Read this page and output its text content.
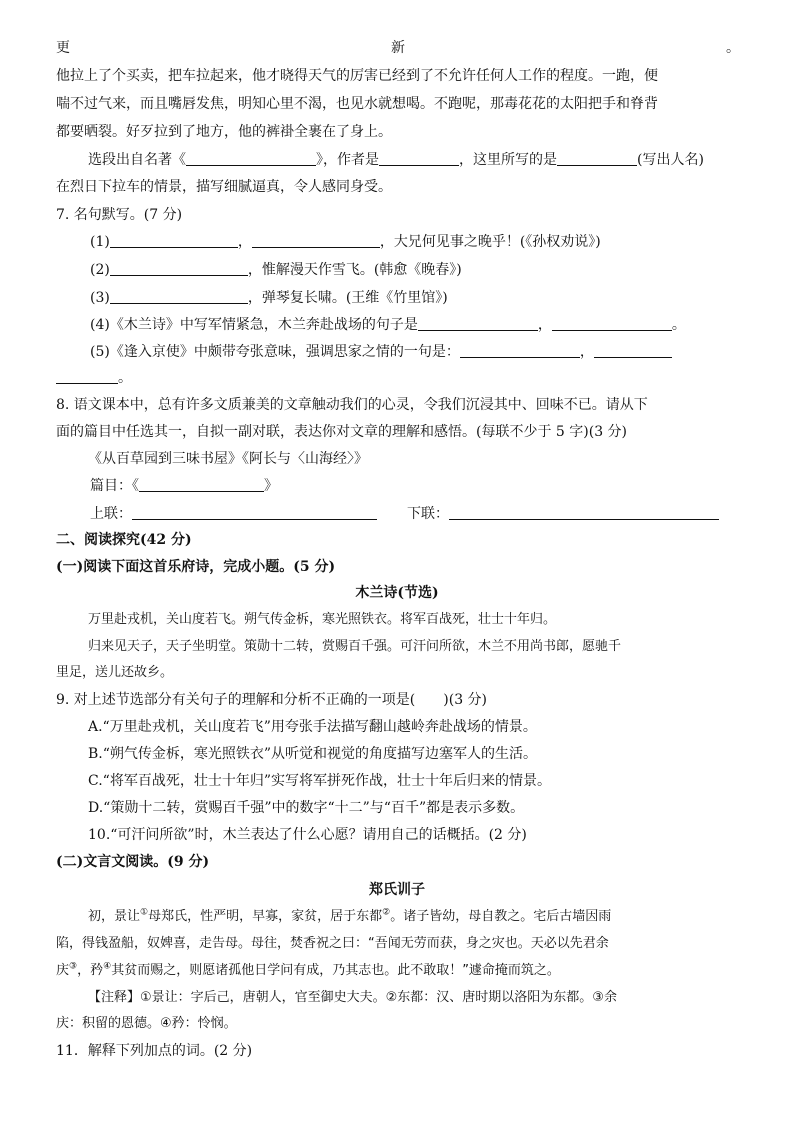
更	新	。
他拉上了个买卖，把车拉起来，他才晓得天气的厉害已经到了不允许任何人工作的程度。一跑，便
喘不过气来，而且嘴唇发焦，明知心里不渴，也见水就想喝。不跑呢，那毒花花的太阳把手和脊背
都要晒裂。好歹拉到了地方，他的裤褂全裹在了身上。
选段出自名著《	》，作者是	，这里所写的是	(写出人名)
在烈日下拉车的情景，描写细腻逼真，令人感同身受。
7. 名句默写。(7 分)
(1)	，	，大兄何见事之晚乎！(《孙权劝说》)
(2)	，惟解漫天作雪飞。(韩愈《晚春》)
(3)	，弹琴复长啸。(王维《竹里馆》)
(4)《木兰诗》中写军情紧急，木兰奔赴战场的句子是	，	。
(5)《逢入京使》中颇带夸张意味，强调思家之情的一句是：	，
。
8. 语文课本中，总有许多文质兼美的文章触动我们的心灵，令我们沉浸其中、回味不已。请从下
面的篇目中任选其一，自拟一副对联，表达你对文章的理解和感悟。(每联不少于 5 字)(3 分)
《从百草园到三味书屋》《阿长与〈山海经〉》
篇目：《	》
上联：	下联：
二、阅读探究(42 分)
(一)阅读下面这首乐府诗，完成小题。(5 分)
木兰诗(节选)
万里赴戎机，关山度若飞。朔气传金柝，寒光照铁衣。将军百战死，壮士十年归。
归来见天子，天子坐明堂。策勋十二转，赏赐百千强。可汗问所欲，木兰不用尚书郎，愿驰千
里足，送儿还故乡。
9. 对上述节选部分有关句子的理解和分析不正确的一项是(　　)(3 分)
A.“万里赴戎机，关山度若飞”用夸张手法描写翻山越岭奔赴战场的情景。
B.“朔气传金柝，寒光照铁衣”从听觉和视觉的角度描写边塞军人的生活。
C.“将军百战死，壮士十年归”实写将军拼死作战，壮士十年后归来的情景。
D.“策勋十二转，赏赐百千强”中的数字“十二”与“百千”都是表示多数。
10.“可汗问所欲”时，木兰表达了什么心愿？请用自己的话概括。(2 分)
(二)文言文阅读。(9 分)
郑氏训子
初，景让①母郑氏，性严明，早寡，家贫，居于东都②。诸子皆幼，母自教之。宅后古墙因雨
陷，得钱盈船，奴婢喜，走告母。母往，焚香祝之曰：“吾闻无劳而获，身之灾也。天必以先君余
庆③，矜④其贫而赐之，则愿诸孤他日学问有成，乃其志也。此不敢取！”遽命掩而筑之。
【注释】①景让：字后己，唐朝人，官至御史大夫。②东都：汉、唐时期以洛阳为东都。③余
庆：积留的恩德。④矜：怜悯。
11．解释下列加点的词。(2 分)
